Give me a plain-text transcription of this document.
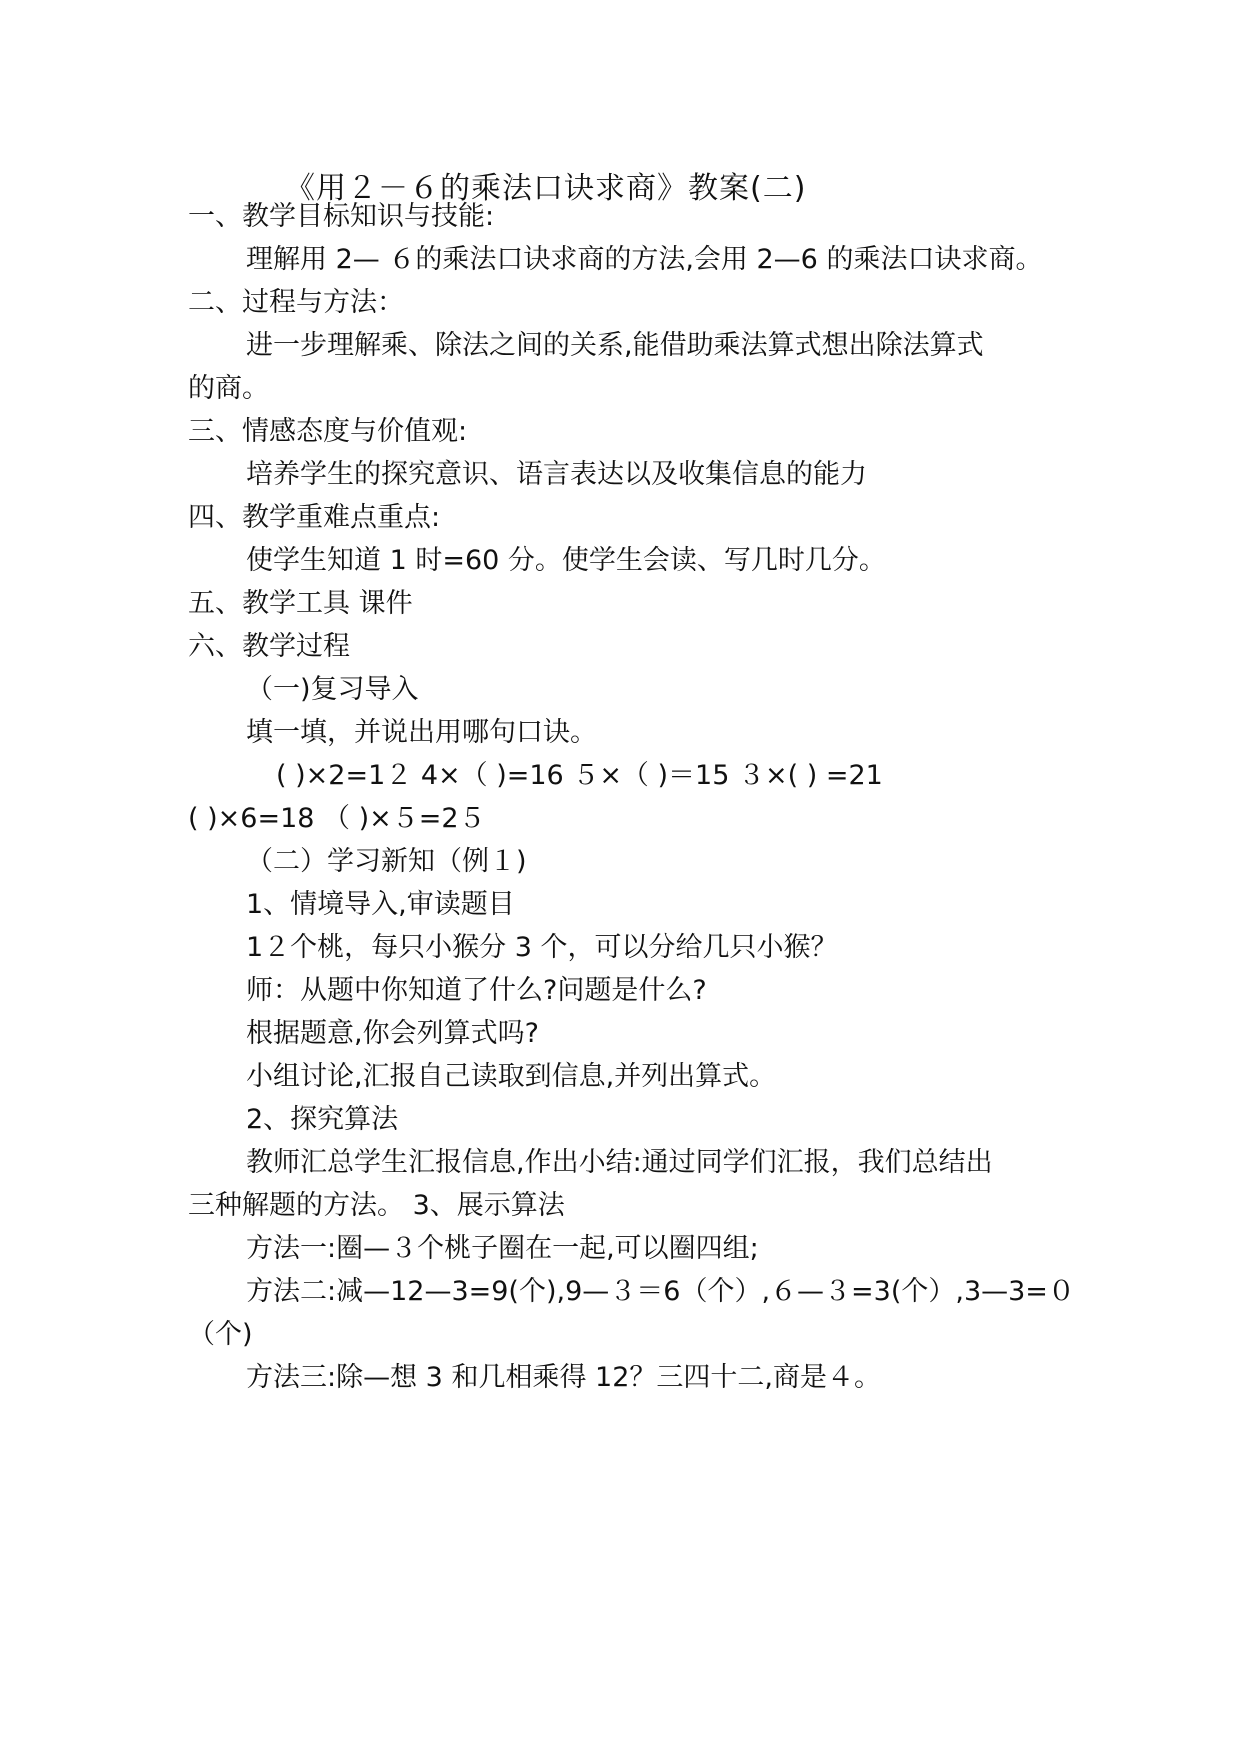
《用２－６的乘法口诀求商》教案(二)
一、教学目标知识与技能:
理解用 2— ６的乘法口诀求商的方法,会用 2—6 的乘法口诀求商。
二、过程与方法：
进一步理解乘、除法之间的关系,能借助乘法算式想出除法算式
的商。
三、情感态度与价值观:
培养学生的探究意识、语言表达以及收集信息的能力
四、教学重难点重点:
使学生知道 1 时=60 分。使学生会读、写几时几分。
五、教学工具 课件
六、教学过程
（一)复习导入
填一填，并说出用哪句口诀。
( )×2=1２ 4×（ )=16 ５×（ )＝15 ３×( ) =21
( )×6=18 （ )×５=2５
（二）学习新知（例１)
1、情境导入,审读题目
1２个桃，每只小猴分 3 个，可以分给几只小猴？
师：从题中你知道了什么?问题是什么?
根据题意,你会列算式吗?
小组讨论,汇报自己读取到信息,并列出算式。
2、探究算法
教师汇总学生汇报信息,作出小结:通过同学们汇报，我们总结出
三种解题的方法。 3、展示算法
方法一:圈—３个桃子圈在一起,可以圈四组;
方法二:减—12—3=9(个),9—３＝6（个）,６—３=3(个）,3—3=０
（个)
方法三:除—想 3 和几相乘得 12？三四十二,商是４。
